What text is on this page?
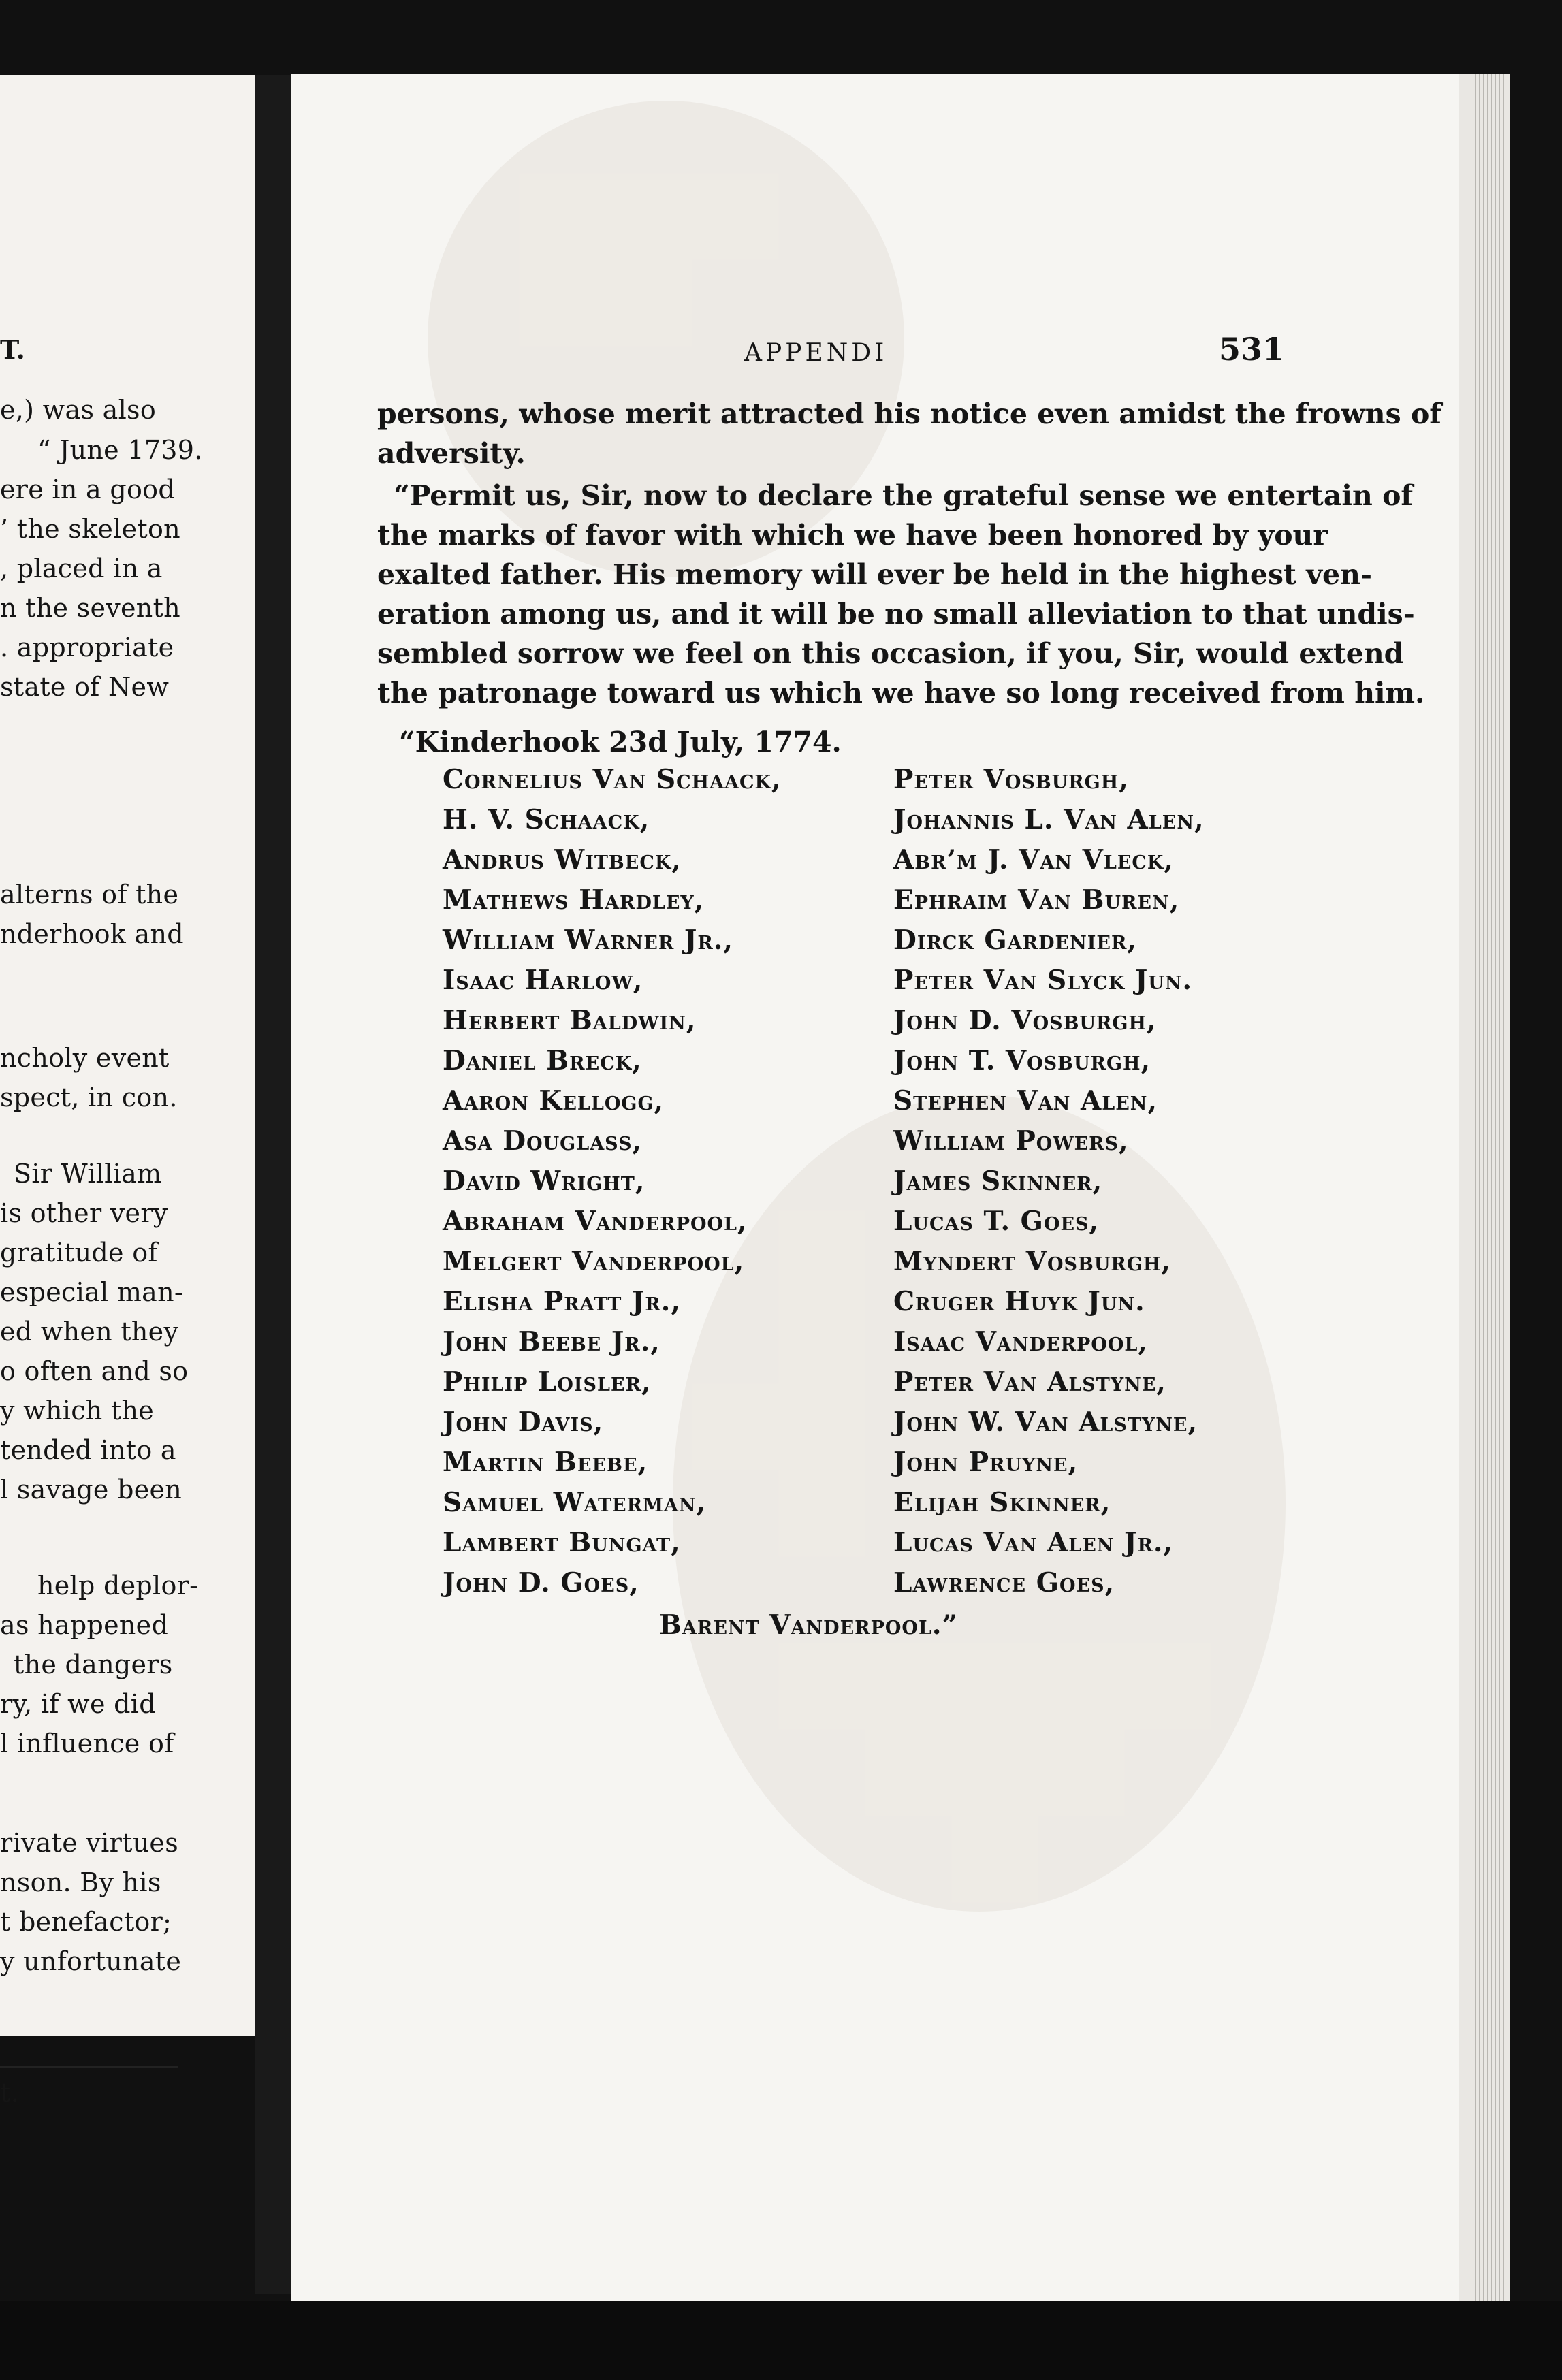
T.
e,) was also
“ June 1739.
ere in a good
’ the skeleton
, placed in a
n the seventh
. appropriate
state of New
alterns of the
nderhook and
ncholy event
spect, in con.
Sir William
is other very
gratitude of
especial man-
ed when they
o often and so
y which the
tended into a
l savage been
help deplor-
as happened
the dangers
ry, if we did
l influence of
rivate virtues
nson. By his
t benefactor;
y unfortunate
t.
APPENDI	531
persons, whose merit attracted his notice even amidst the frowns of
adversity.
“Permit us, Sir, now to declare the grateful sense we entertain of
the marks of favor with which we have been honored by your
exalted father. His memory will ever be held in the highest ven-
eration among us, and it will be no small alleviation to that undis-
sembled sorrow we feel on this occasion, if you, Sir, would extend
the patronage toward us which we have so long received from him.
“Kinderhook 23d July, 1774.
Cornelius Van Schaack,
H. V. Schaack,
Andrus Witbeck,
Mathews Hardley,
William Warner Jr.,
Isaac Harlow,
Herbert Baldwin,
Daniel Breck,
Aaron Kellogg,
Asa Douglass,
David Wright,
Abraham Vanderpool,
Melgert Vanderpool,
Elisha Pratt Jr.,
John Beebe Jr.,
Philip Loisler,
John Davis,
Martin Beebe,
Samuel Waterman,
Lambert Bungat,
John D. Goes,
Peter Vosburgh,
Johannis L. Van Alen,
Abr’m J. Van Vleck,
Ephraim Van Buren,
Dirck Gardenier,
Peter Van Slyck Jun.
John D. Vosburgh,
John T. Vosburgh,
Stephen Van Alen,
William Powers,
James Skinner,
Lucas T. Goes,
Myndert Vosburgh,
Cruger Huyk Jun.
Isaac Vanderpool,
Peter Van Alstyne,
John W. Van Alstyne,
John Pruyne,
Elijah Skinner,
Lucas Van Alen Jr.,
Lawrence Goes,
Barent Vanderpool.”
